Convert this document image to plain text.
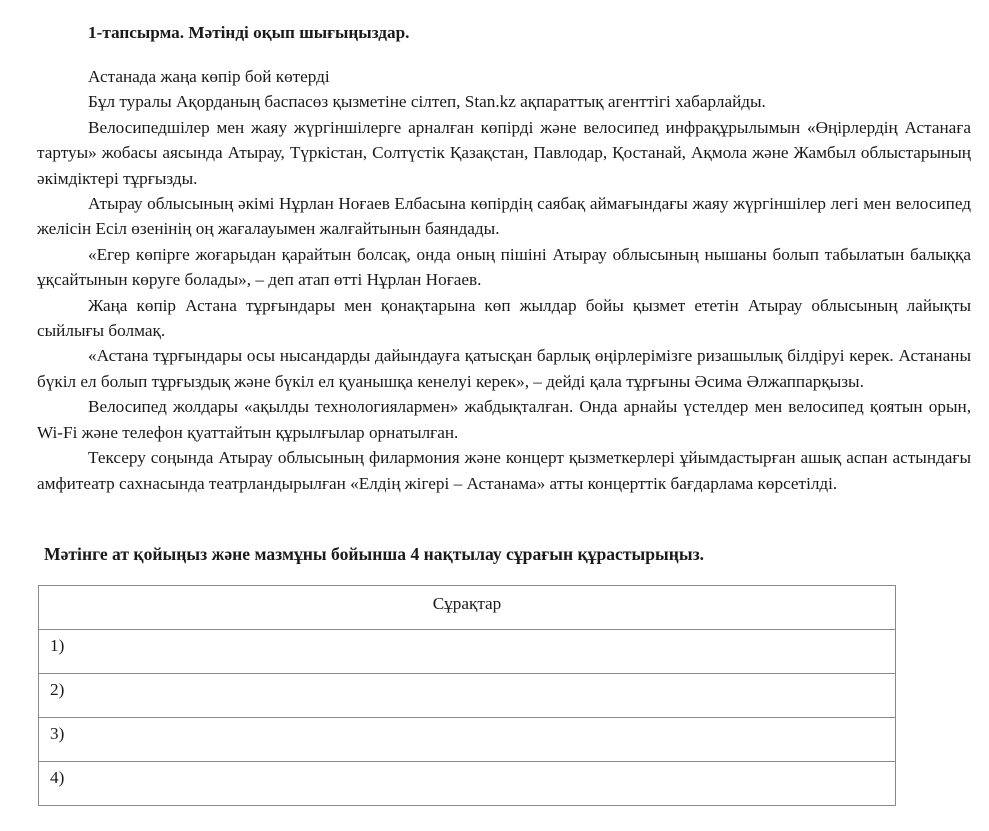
1-тапсырма. Мәтінді оқып шығыңыздар.

Астанада жаңа көпір бой көтерді

Бұл туралы Ақорданың баспасөз қызметіне сілтеп, Stan.kz ақпараттық агенттігі хабарлайды.

Велосипедшілер мен жаяу жүргіншілерге арналған көпірді және велосипед инфрақұрылымын «Өңірлердің Астанаға тартуы» жобасы аясында Атырау, Түркістан, Солтүстік Қазақстан, Павлодар, Қостанай, Ақмола және Жамбыл облыстарының әкімдіктері тұрғызды.

Атырау облысының әкімі Нұрлан Ноғаев Елбасына көпірдің саябақ аймағындағы жаяу жүргіншілер легі мен велосипед желісін Есіл өзенінің оң жағалауымен жалғайтынын баяндады.

«Егер көпірге жоғарыдан қарайтын болсақ, онда оның пішіні Атырау облысының нышаны болып табылатын балыққа ұқсайтынын көруге болады», – деп атап өтті Нұрлан Ноғаев.

Жаңа көпір Астана тұрғындары мен қонақтарына көп жылдар бойы қызмет ететін Атырау облысының лайықты сыйлығы болмақ.

«Астана тұрғындары осы нысандарды дайындауға қатысқан барлық өңірлерімізге ризашылық білдіруі керек. Астананы бүкіл ел болып тұрғыздық және бүкіл ел қуанышқа кенелуі керек», – дейді қала тұрғыны Әсима Әлжаппарқызы.

Велосипед жолдары «ақылды технологиялармен» жабдықталған. Онда арнайы үстелдер мен велосипед қоятын орын, Wi-Fi және телефон қуаттайтын құрылғылар орнатылған.

Тексеру соңында Атырау облысының филармония және концерт қызметкерлері ұйымдастырған ашық аспан астындағы амфитеатр сахнасында театрландырылған «Елдің жігері – Астанама» атты концерттік бағдарлама көрсетілді.

Мәтінге ат қойыңыз және мазмұны бойынша 4 нақтылау сұрағын құрастырыңыз.
Сұрақтар
1)
2)
3)
4)
